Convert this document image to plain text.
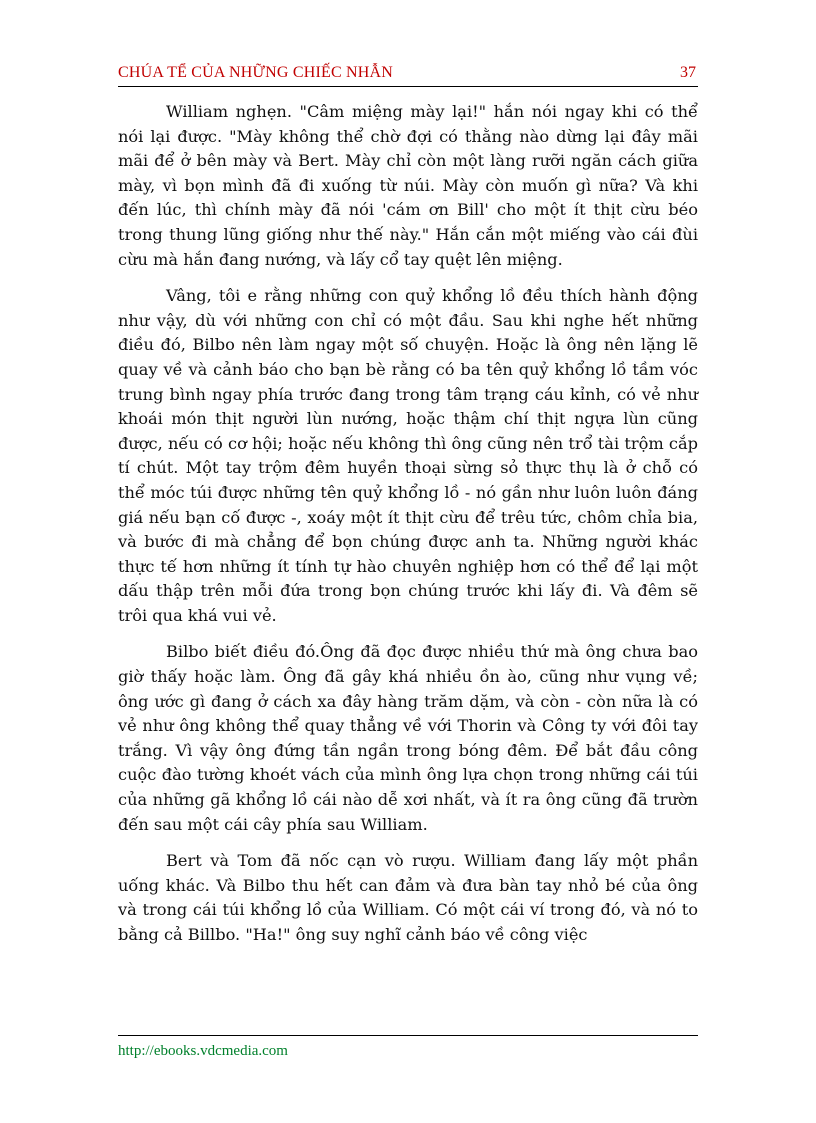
CHÚA TỂ CỦA NHỮNG CHIẾC NHẪN	37

William nghẹn. "Câm miệng mày lại!" hắn nói ngay khi có thể nói lại được. "Mày không thể chờ đợi có thằng nào dừng lại đây mãi mãi để ở bên mày và Bert. Mày chỉ còn một làng rưỡi ngăn cách giữa mày, vì bọn mình đã đi xuống từ núi. Mày còn muốn gì nữa? Và khi đến lúc, thì chính mày đã nói 'cám ơn Bill' cho một ít thịt cừu béo trong thung lũng giống như thế này." Hắn cắn một miếng vào cái đùi cừu mà hắn đang nướng, và lấy cổ tay quệt lên miệng.

Vâng, tôi e rằng những con quỷ khổng lồ đều thích hành động như vậy, dù với những con chỉ có một đầu. Sau khi nghe hết những điều đó, Bilbo nên làm ngay một số chuyện. Hoặc là ông nên lặng lẽ quay về và cảnh báo cho bạn bè rằng có ba tên quỷ khổng lồ tầm vóc trung bình ngay phía trước đang trong tâm trạng cáu kỉnh, có vẻ như khoái món thịt người lùn nướng, hoặc thậm chí thịt ngựa lùn cũng được, nếu có cơ hội; hoặc nếu không thì ông cũng nên trổ tài trộm cắp tí chút. Một tay trộm đêm huyền thoại sừng sỏ thực thụ là ở chỗ có thể móc túi được những tên quỷ khổng lồ - nó gần như luôn luôn đáng giá nếu bạn cố được -, xoáy một ít thịt cừu để trêu tức, chôm chỉa bia, và bước đi mà chẳng để bọn chúng được anh ta. Những người khác thực tế hơn những ít tính tự hào chuyên nghiệp hơn có thể để lại một dấu thập trên mỗi đứa trong bọn chúng trước khi lấy đi. Và đêm sẽ trôi qua khá vui vẻ.

Bilbo biết điều đó.Ông đã đọc được nhiều thứ mà ông chưa bao giờ thấy hoặc làm. Ông đã gây khá nhiều ồn ào, cũng như vụng về; ông ước gì đang ở cách xa đây hàng trăm dặm, và còn - còn nữa là có vẻ như ông không thể quay thẳng về với Thorin và Công ty với đôi tay trắng. Vì vậy ông đứng tần ngần trong bóng đêm. Để bắt đầu công cuộc đào tường khoét vách của mình ông lựa chọn trong những cái túi của những gã khổng lồ cái nào dễ xơi nhất, và ít ra ông cũng đã trườn đến sau một cái cây phía sau William.

Bert và Tom đã nốc cạn vò rượu. William đang lấy một phần uống khác. Và Bilbo thu hết can đảm và đưa bàn tay nhỏ bé của ông và trong cái túi khổng lồ của William. Có một cái ví trong đó, và nó to bằng cả Billbo. "Ha!" ông suy nghĩ cảnh báo về công việc

http://ebooks.vdcmedia.com
